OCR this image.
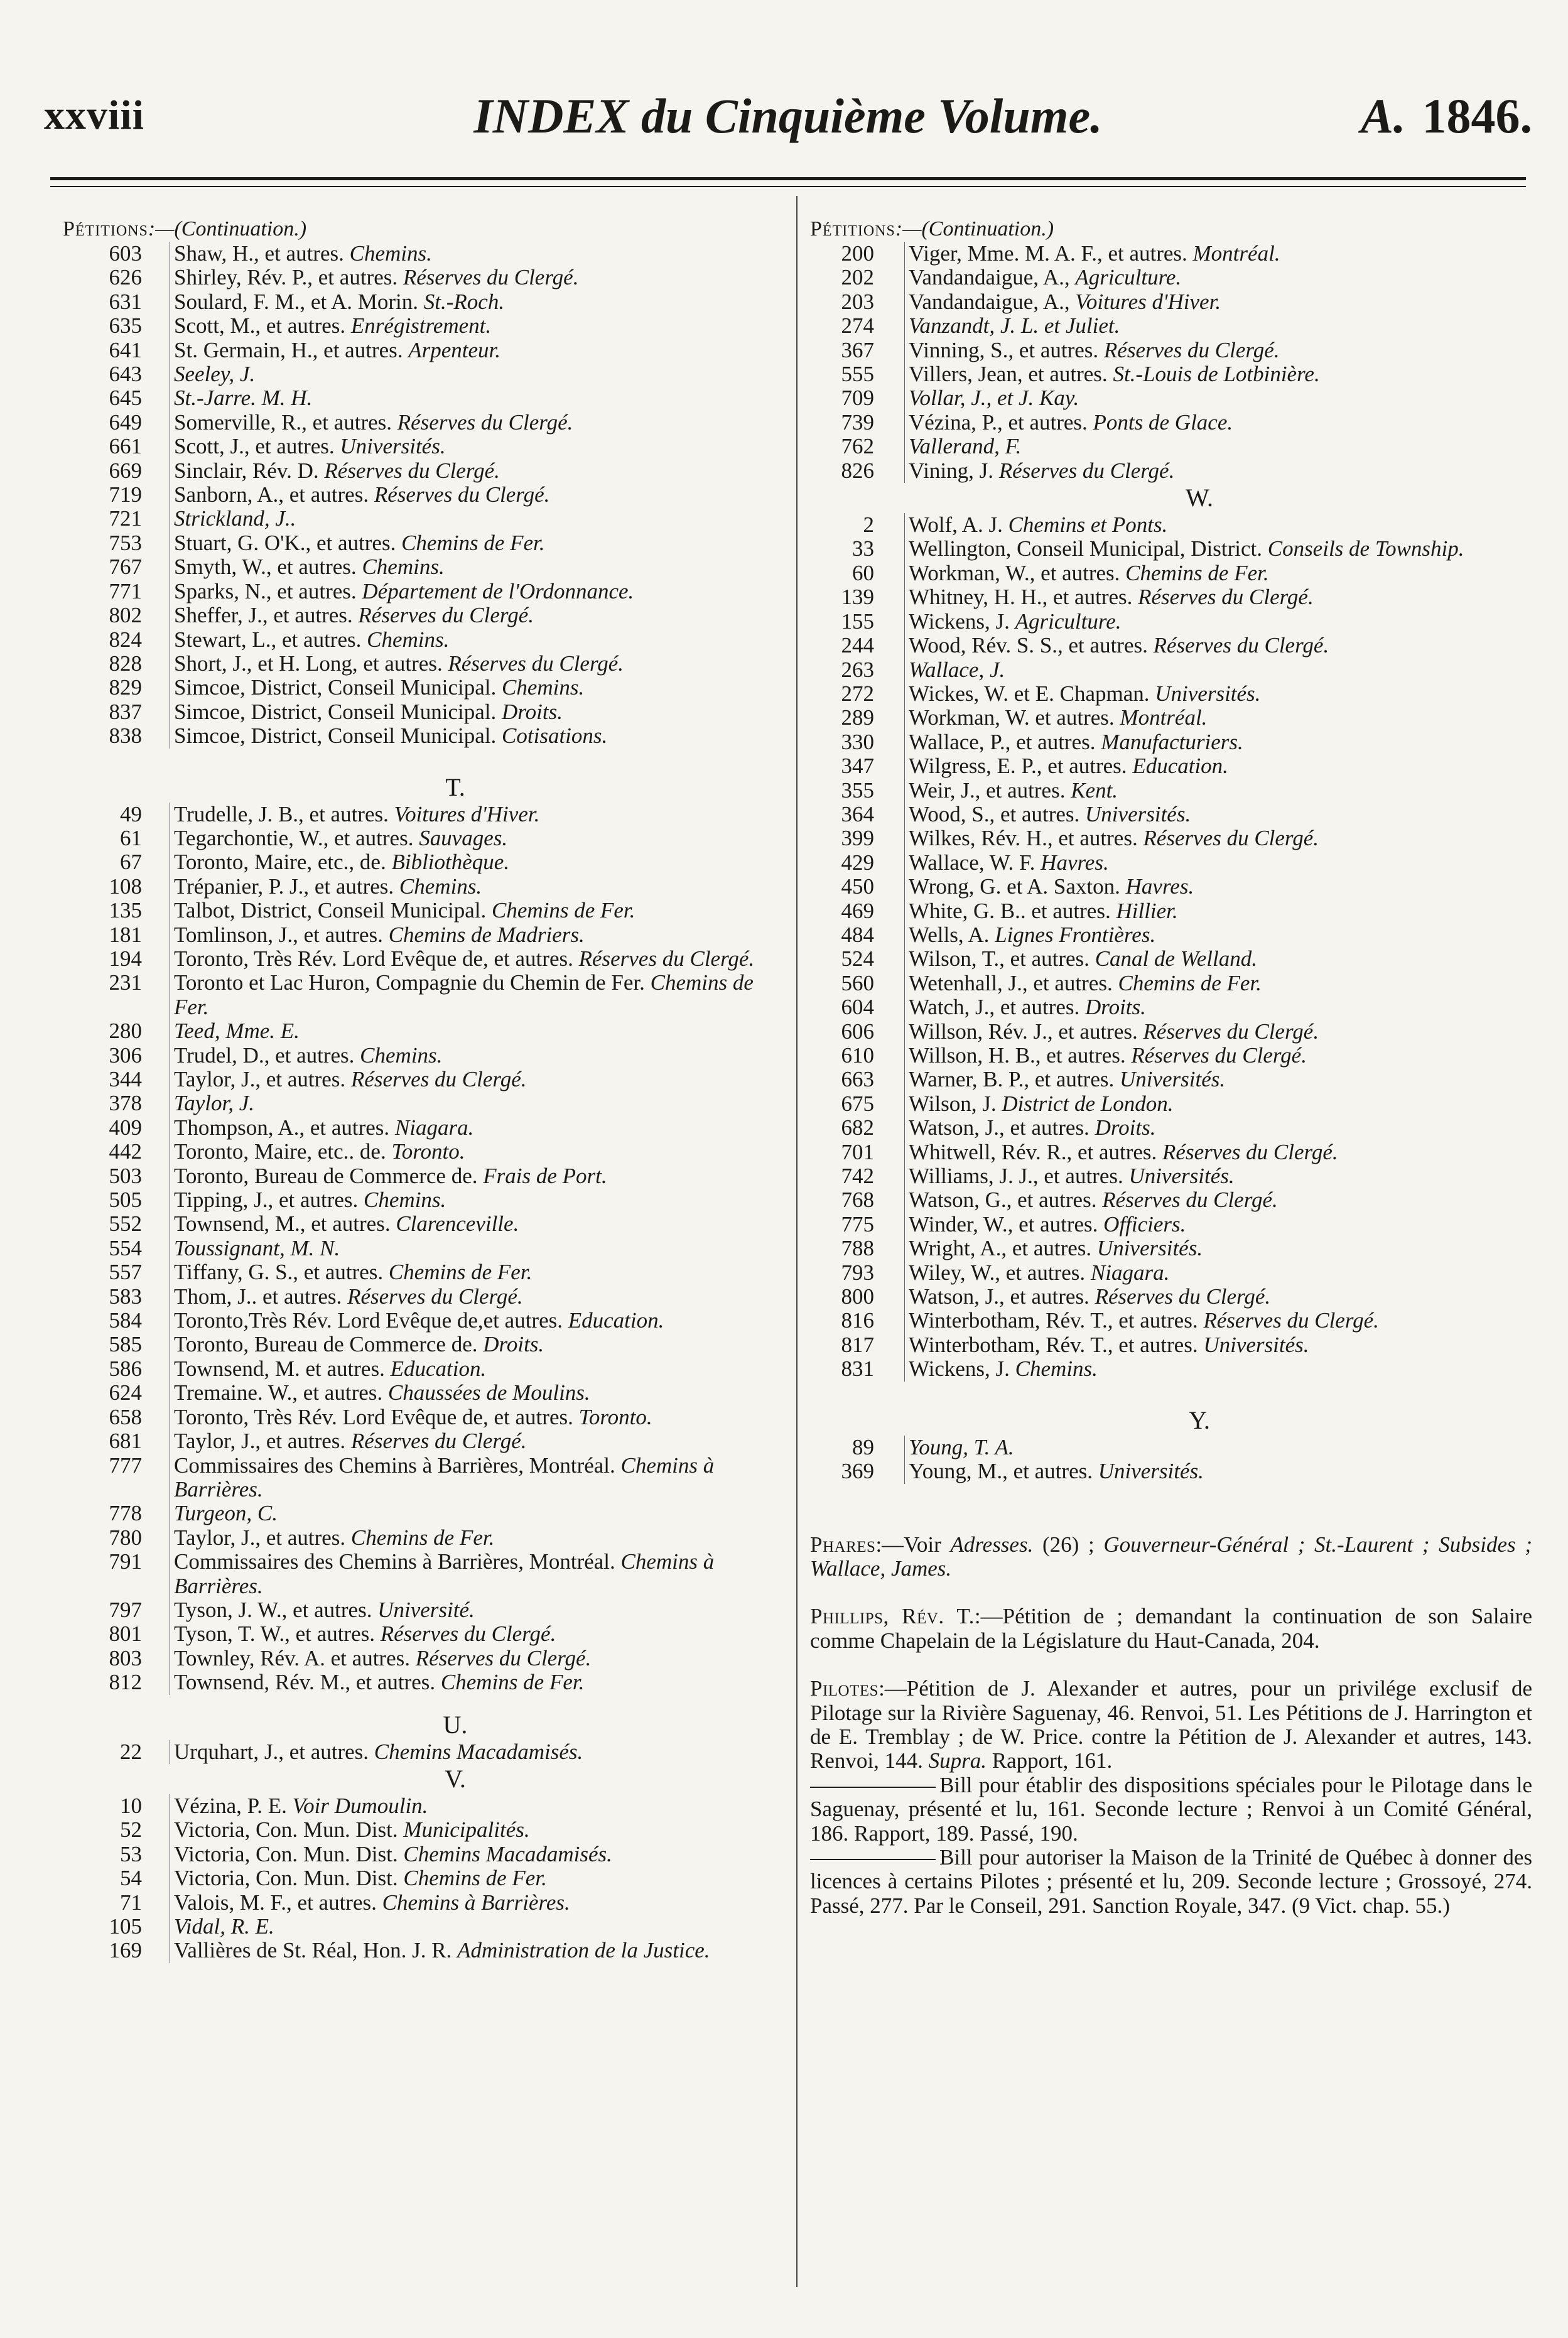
xxviii	INDEX du Cinquième Volume.	A. 1846.
Pétitions:—(Continuation.)
603 Shaw, H., et autres. Chemins.
626 Shirley, Rév. P., et autres. Réserves du Clergé.
631 Soulard, F. M., et A. Morin. St.-Roch.
635 Scott, M., et autres. Enrégistrement.
641 St. Germain, H., et autres. Arpenteur.
643 Seeley, J.
645 St.-Jarre. M. H.
649 Somerville, R., et autres. Réserves du Clergé.
661 Scott, J., et autres. Universités.
669 Sinclair, Rév. D. Réserves du Clergé.
719 Sanborn, A., et autres. Réserves du Clergé.
721 Strickland, J..
753 Stuart, G. O'K., et autres. Chemins de Fer.
767 Smyth, W., et autres. Chemins.
771 Sparks, N., et autres. Département de l'Ordonnance.
802 Sheffer, J., et autres. Réserves du Clergé.
824 Stewart, L., et autres. Chemins.
828 Short, J., et H. Long, et autres. Réserves du Clergé.
829 Simcoe, District, Conseil Municipal. Chemins.
837 Simcoe, District, Conseil Municipal. Droits.
838 Simcoe, District, Conseil Municipal. Cotisations.
T.
49 Trudelle, J. B., et autres. Voitures d'Hiver.
61 Tegarchontie, W., et autres. Sauvages.
67 Toronto, Maire, etc., de. Bibliothèque.
108 Trépanier, P. J., et autres. Chemins.
135 Talbot, District, Conseil Municipal. Chemins de Fer.
181 Tomlinson, J., et autres. Chemins de Madriers.
194 Toronto, Très Rév. Lord Evêque de, et autres. Réserves du Clergé.
231 Toronto et Lac Huron, Compagnie du Chemin de Fer. Chemins de Fer.
280 Teed, Mme. E.
306 Trudel, D., et autres. Chemins.
344 Taylor, J., et autres. Réserves du Clergé.
378 Taylor, J.
409 Thompson, A., et autres. Niagara.
442 Toronto, Maire, etc.. de. Toronto.
503 Toronto, Bureau de Commerce de. Frais de Port.
505 Tipping, J., et autres. Chemins.
552 Townsend, M., et autres. Clarenceville.
554 Toussignant, M. N.
557 Tiffany, G. S., et autres. Chemins de Fer.
583 Thom, J.. et autres. Réserves du Clergé.
584 Toronto,Très Rév. Lord Evêque de,et autres. Education.
585 Toronto, Bureau de Commerce de. Droits.
586 Townsend, M. et autres. Education.
624 Tremaine. W., et autres. Chaussées de Moulins.
658 Toronto, Très Rév. Lord Evêque de, et autres. Toronto.
681 Taylor, J., et autres. Réserves du Clergé.
777 Commissaires des Chemins à Barrières, Montréal. Chemins à Barrières.
778 Turgeon, C.
780 Taylor, J., et autres. Chemins de Fer.
791 Commissaires des Chemins à Barrières, Montréal. Chemins à Barrières.
797 Tyson, J. W., et autres. Université.
801 Tyson, T. W., et autres. Réserves du Clergé.
803 Townley, Rév. A. et autres. Réserves du Clergé.
812 Townsend, Rév. M., et autres. Chemins de Fer.
U.
22 Urquhart, J., et autres. Chemins Macadamisés.
V.
10 Vézina, P. E. Voir Dumoulin.
52 Victoria, Con. Mun. Dist. Municipalités.
53 Victoria, Con. Mun. Dist. Chemins Macadamisés.
54 Victoria, Con. Mun. Dist. Chemins de Fer.
71 Valois, M. F., et autres. Chemins à Barrières.
105 Vidal, R. E.
169 Vallières de St. Réal, Hon. J. R. Administration de la Justice.
Pétitions:—(Continuation.)
200 Viger, Mme. M. A. F., et autres. Montréal.
202 Vandandaigue, A., Agriculture.
203 Vandandaigue, A., Voitures d'Hiver.
274 Vanzandt, J. L. et Juliet.
367 Vinning, S., et autres. Réserves du Clergé.
555 Villers, Jean, et autres. St.-Louis de Lotbinière.
709 Vollar, J., et J. Kay.
739 Vézina, P., et autres. Ponts de Glace.
762 Vallerand, F.
826 Vining, J. Réserves du Clergé.
W.
2 Wolf, A. J. Chemins et Ponts.
33 Wellington, Conseil Municipal, District. Conseils de Township.
60 Workman, W., et autres. Chemins de Fer.
139 Whitney, H. H., et autres. Réserves du Clergé.
155 Wickens, J. Agriculture.
244 Wood, Rév. S. S., et autres. Réserves du Clergé.
263 Wallace, J.
272 Wickes, W. et E. Chapman. Universités.
289 Workman, W. et autres. Montréal.
330 Wallace, P., et autres. Manufacturiers.
347 Wilgress, E. P., et autres. Education.
355 Weir, J., et autres. Kent.
364 Wood, S., et autres. Universités.
399 Wilkes, Rév. H., et autres. Réserves du Clergé.
429 Wallace, W. F. Havres.
450 Wrong, G. et A. Saxton. Havres.
469 White, G. B.. et autres. Hillier.
484 Wells, A. Lignes Frontières.
524 Wilson, T., et autres. Canal de Welland.
560 Wetenhall, J., et autres. Chemins de Fer.
604 Watch, J., et autres. Droits.
606 Willson, Rév. J., et autres. Réserves du Clergé.
610 Willson, H. B., et autres. Réserves du Clergé.
663 Warner, B. P., et autres. Universités.
675 Wilson, J. District de London.
682 Watson, J., et autres. Droits.
701 Whitwell, Rév. R., et autres. Réserves du Clergé.
742 Williams, J. J., et autres. Universités.
768 Watson, G., et autres. Réserves du Clergé.
775 Winder, W., et autres. Officiers.
788 Wright, A., et autres. Universités.
793 Wiley, W., et autres. Niagara.
800 Watson, J., et autres. Réserves du Clergé.
816 Winterbotham, Rév. T., et autres. Réserves du Clergé.
817 Winterbotham, Rév. T., et autres. Universités.
831 Wickens, J. Chemins.
Y.
89 Young, T. A.
369 Young, M., et autres. Universités.

Phares:—Voir Adresses. (26) ; Gouverneur-Général ; St.-Laurent ; Subsides ; Wallace, James.

Phillips, Rév. T.:—Pétition de ; demandant la continuation de son Salaire comme Chapelain de la Législature du Haut-Canada, 204.

Pilotes:—Pétition de J. Alexander et autres, pour un privilége exclusif de Pilotage sur la Rivière Saguenay, 46. Renvoi, 51. Les Pétitions de J. Harrington et de E. Tremblay ; de W. Price. contre la Pétition de J. Alexander et autres, 143. Renvoi, 144. Supra. Rapport, 161.

Bill pour établir des dispositions spéciales pour le Pilotage dans le Saguenay, présenté et lu, 161. Seconde lecture ; Renvoi à un Comité Général, 186. Rapport, 189. Passé, 190.

Bill pour autoriser la Maison de la Trinité de Québec à donner des licences à certains Pilotes ; présenté et lu, 209. Seconde lecture ; Grossoyé, 274. Passé, 277. Par le Conseil, 291. Sanction Royale, 347. (9 Vict. chap. 55.)
